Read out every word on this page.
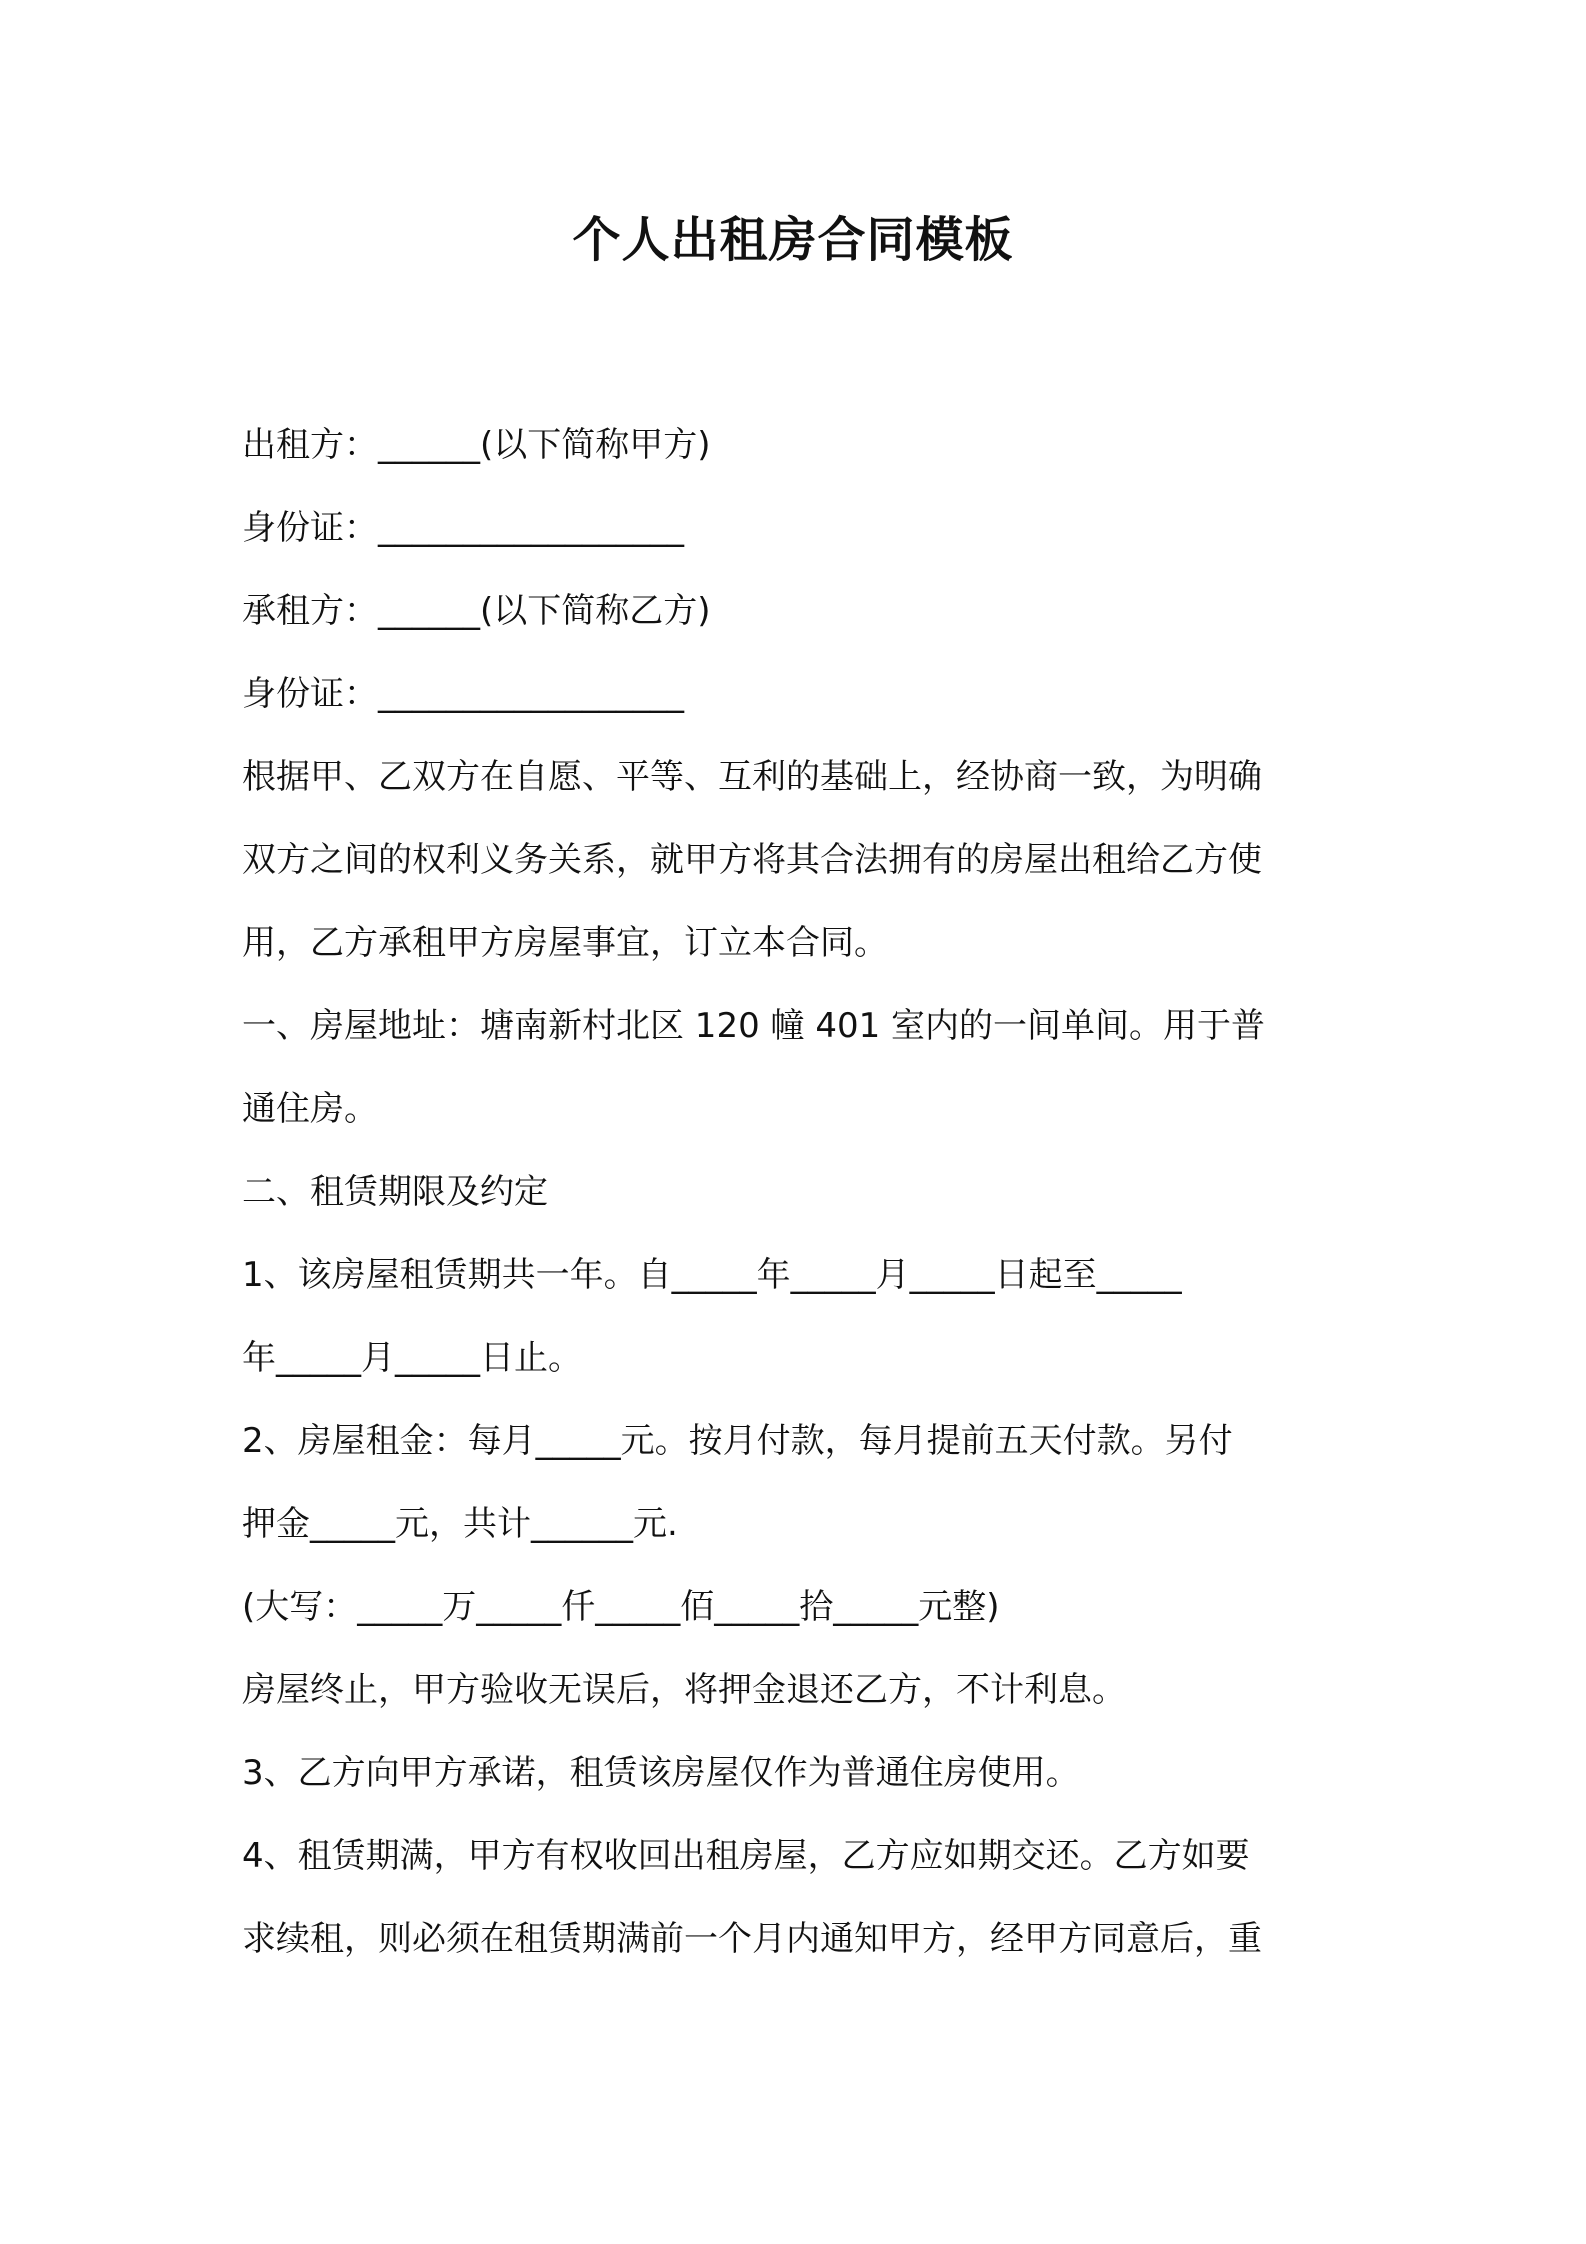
个人出租房合同模板
出租方：______(以下简称甲方)
身份证：__________________
承租方：______(以下简称乙方)
身份证：__________________
根据甲、乙双方在自愿、平等、互利的基础上，经协商一致，为明确
双方之间的权利义务关系，就甲方将其合法拥有的房屋出租给乙方使
用，乙方承租甲方房屋事宜，订立本合同。
一、房屋地址：塘南新村北区 120 幢 401 室内的一间单间。用于普
通住房。
二、租赁期限及约定
1、该房屋租赁期共一年。自_____年_____月_____日起至_____
年_____月_____日止。
2、房屋租金：每月_____元。按月付款，每月提前五天付款。另付
押金_____元，共计______元.
(大写：_____万_____仟_____佰_____拾_____元整)
房屋终止，甲方验收无误后，将押金退还乙方，不计利息。
3、乙方向甲方承诺，租赁该房屋仅作为普通住房使用。
4、租赁期满，甲方有权收回出租房屋，乙方应如期交还。乙方如要
求续租，则必须在租赁期满前一个月内通知甲方，经甲方同意后，重
